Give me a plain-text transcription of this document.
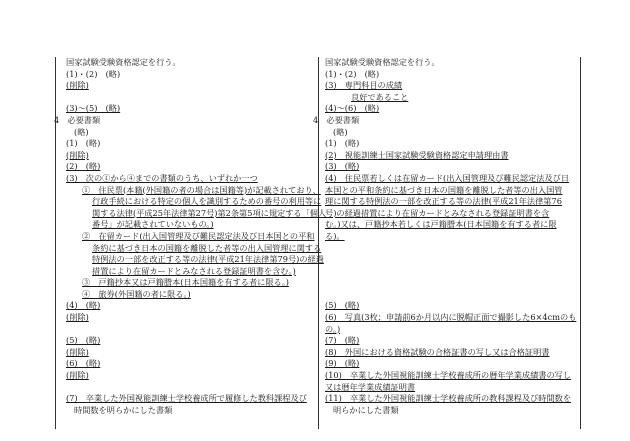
国家試験受験資格認定を行う。
(1)・(2)　(略)
(削除)
(3)～(5)　(略)
4　必要書類
(略)
(1)　(略)
(削除)
(2)　(略)
(3)　次の①から④までの書類のうち、いずれか一つ
①　住民票(本籍(外国籍の者の場合は国籍等)が記載されており、
行政手続における特定の個人を識別するための番号の利用等に
関する法律(平成25年法律第27号)第2条第5項に規定する「個人
番号」が記載されていないもの。)
②　在留カード(出入国管理及び難民認定法及び日本国との平和
条約に基づき日本の国籍を離脱した者等の出入国管理に関する
特例法の一部を改正する等の法律(平成21年法律第79号)の経過
措置により在留カードとみなされる登録証明書を含む。)
③　戸籍抄本又は戸籍謄本(日本国籍を有する者に限る。)
④　旅券(外国籍の者に限る。)
(4)　(略)
(削除)
(5)　(略)
(削除)
(6)　(略)
(削除)
(7)　卒業した外国視能訓練士学校養成所で履修した教科課程及び
時間数を明らかにした書類
国家試験受験資格認定を行う。
(1)・(2)　(略)
(3)　専門科目の成績
良好であること
(4)～(6)　(略)
4　必要書類
(略)
(1)　(略)
(2)　視能訓練士国家試験受験資格認定申請理由書
(3)　(略)
(4)　住民票若しくは在留カード(出入国管理及び難民認定法及び日
本国との平和条約に基づき日本の国籍を離脱した者等の出入国管
理に関する特例法の一部を改正する等の法律(平成21年法律第76
号)の経過措置により在留カードとみなされる登録証明書を含
む。)又は、戸籍抄本若しくは戸籍謄本(日本国籍を有する者に限
る)。
(5)　(略)
(6)　写真(3枚；申請前6か月以内に脱帽正面で撮影した6×4cmのも
の。)
(7)　(略)
(8)　外国における資格試験の合格証書の写し又は合格証明書
(9)　(略)
(10)　卒業した外国視能訓練士学校養成所の暦年学業成績書の写し
又は暦年学業成績証明書
(11)　卒業した外国視能訓練士学校養成所の教科課程及び時間数を
明らかにした書類
